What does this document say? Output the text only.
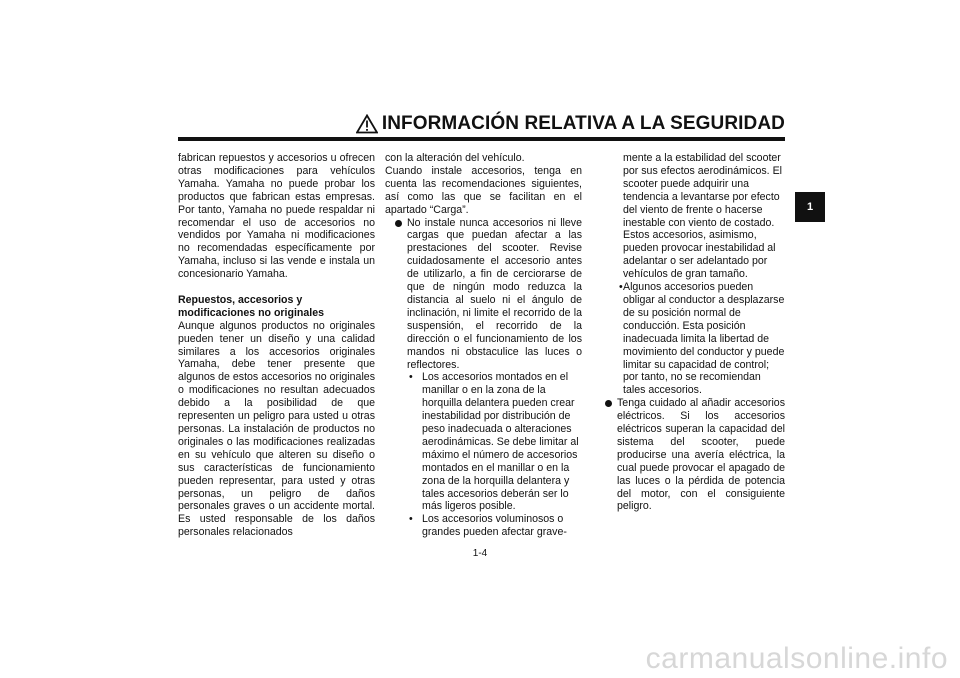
INFORMACIÓN RELATIVA A LA SEGURIDAD

fabrican repuestos y accesorios u ofrecen otras modificaciones para vehículos Yamaha. Yamaha no puede probar los productos que fabrican estas empresas. Por tanto, Yamaha no puede respaldar ni recomendar el uso de accesorios no vendidos por Yamaha ni modificaciones no recomendadas específicamente por Yamaha, incluso si las vende e instala un concesionario Yamaha.

Repuestos, accesorios y modificaciones no originales

Aunque algunos productos no originales pueden tener un diseño y una calidad similares a los accesorios originales Yamaha, debe tener presente que algunos de estos accesorios no originales o modificaciones no resultan adecuados debido a la posibilidad de que representen un peligro para usted u otras personas. La instalación de productos no originales o las modificaciones realizadas en su vehículo que alteren su diseño o sus características de funcionamiento pueden representar, para usted y otras personas, un peligro de daños personales graves o un accidente mortal. Es usted responsable de los daños personales relacionados

con la alteración del vehículo.

Cuando instale accesorios, tenga en cuenta las recomendaciones siguientes, así como las que se facilitan en el apartado “Carga”.

No instale nunca accesorios ni lleve cargas que puedan afectar a las prestaciones del scooter. Revise cuidadosamente el accesorio antes de utilizarlo, a fin de cerciorarse de que de ningún modo reduzca la distancia al suelo ni el ángulo de inclinación, ni limite el recorrido de la suspensión, el recorrido de la dirección o el funcionamiento de los mandos ni obstaculice las luces o reflectores.

• Los accesorios montados en el manillar o en la zona de la horquilla delantera pueden crear inestabilidad por distribución de peso inadecuada o alteraciones aerodinámicas. Se debe limitar al máximo el número de accesorios montados en el manillar o en la zona de la horquilla delantera y tales accesorios deberán ser lo más ligeros posible.

• Los accesorios voluminosos o grandes pueden afectar grave-

mente a la estabilidad del scooter por sus efectos aerodinámicos. El scooter puede adquirir una tendencia a levantarse por efecto del viento de frente o hacerse inestable con viento de costado. Estos accesorios, asimismo, pueden provocar inestabilidad al adelantar o ser adelantado por vehículos de gran tamaño.

• Algunos accesorios pueden obligar al conductor a desplazarse de su posición normal de conducción. Esta posición inadecuada limita la libertad de movimiento del conductor y puede limitar su capacidad de control; por tanto, no se recomiendan tales accesorios.

Tenga cuidado al añadir accesorios eléctricos. Si los accesorios eléctricos superan la capacidad del sistema del scooter, puede producirse una avería eléctrica, la cual puede provocar el apagado de las luces o la pérdida de potencia del motor, con el consiguiente peligro.

1
1-4
carmanualsonline.info
